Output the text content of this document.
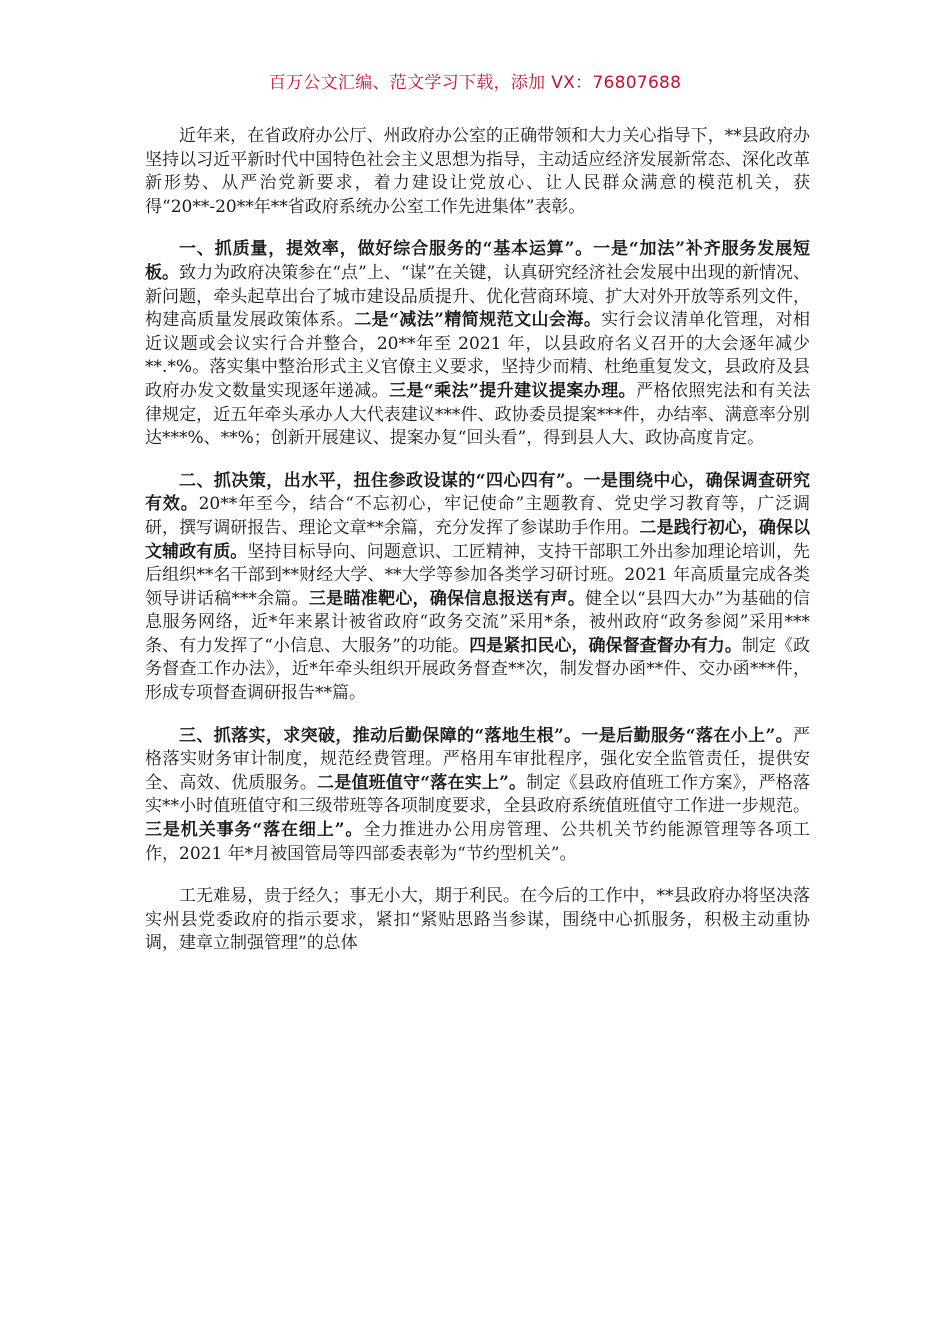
百万公文汇编、范文学习下载，添加 VX：76807688

近年来，在省政府办公厅、州政府办公室的正确带领和大力关心指导下，**县政府办坚持以习近平新时代中国特色社会主义思想为指导，主动适应经济发展新常态、深化改革新形势、从严治党新要求，着力建设让党放心、让人民群众满意的模范机关，获得“20**-20**年**省政府系统办公室工作先进集体”表彰。

一、抓质量，提效率，做好综合服务的“基本运算”。一是“加法”补齐服务发展短板。致力为政府决策参在“点”上、“谋”在关键，认真研究经济社会发展中出现的新情况、新问题，牵头起草出台了城市建设品质提升、优化营商环境、扩大对外开放等系列文件，构建高质量发展政策体系。二是“减法”精简规范文山会海。实行会议清单化管理，对相近议题或会议实行合并整合，20**年至 2021 年，以县政府名义召开的大会逐年减少**.*%。落实集中整治形式主义官僚主义要求，坚持少而精、杜绝重复发文，县政府及县政府办发文数量实现逐年递减。三是“乘法”提升建议提案办理。严格依照宪法和有关法律规定，近五年牵头承办人大代表建议***件、政协委员提案***件，办结率、满意率分别达***%、**%；创新开展建议、提案办复“回头看”，得到县人大、政协高度肯定。

二、抓决策，出水平，扭住参政设谋的“四心四有”。一是围绕中心，确保调查研究有效。20**年至今，结合“不忘初心，牢记使命”主题教育、党史学习教育等，广泛调研，撰写调研报告、理论文章**余篇，充分发挥了参谋助手作用。二是践行初心，确保以文辅政有质。坚持目标导向、问题意识、工匠精神，支持干部职工外出参加理论培训，先后组织**名干部到**财经大学、**大学等参加各类学习研讨班。2021 年高质量完成各类领导讲话稿***余篇。三是瞄准靶心，确保信息报送有声。健全以“县四大办”为基础的信息服务网络，近*年来累计被省政府“政务交流”采用*条，被州政府“政务参阅”采用***条、有力发挥了“小信息、大服务”的功能。四是紧扣民心，确保督查督办有力。制定《政务督查工作办法》，近*年牵头组织开展政务督查**次，制发督办函**件、交办函***件，形成专项督查调研报告**篇。

三、抓落实，求突破，推动后勤保障的“落地生根”。一是后勤服务“落在小上”。严格落实财务审计制度，规范经费管理。严格用车审批程序，强化安全监管责任，提供安全、高效、优质服务。二是值班值守“落在实上”。制定《县政府值班工作方案》，严格落实**小时值班值守和三级带班等各项制度要求，全县政府系统值班值守工作进一步规范。三是机关事务“落在细上”。全力推进办公用房管理、公共机关节约能源管理等各项工作，2021 年*月被国管局等四部委表彰为“节约型机关”。

工无难易，贵于经久；事无小大，期于利民。在今后的工作中，**县政府办将坚决落实州县党委政府的指示要求，紧扣“紧贴思路当参谋，围绕中心抓服务，积极主动重协调，建章立制强管理”的总体
